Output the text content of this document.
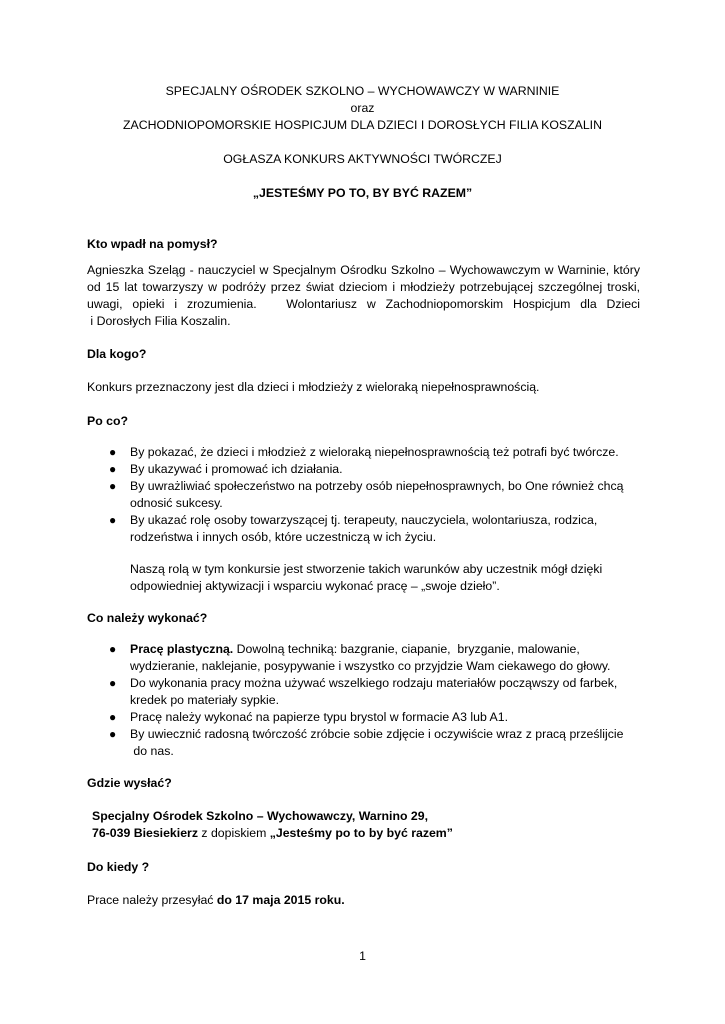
SPECJALNY OŚRODEK SZKOLNO – WYCHOWAWCZY W WARNINIE
oraz
ZACHODNIOPOMORSKIE HOSPICJUM DLA DZIECI I DOROSŁYCH FILIA KOSZALIN
OGŁASZA KONKURS AKTYWNOŚCI TWÓRCZEJ
„JESTEŚMY PO TO, BY BYĆ RAZEM”
Kto wpadł na pomysł?
Agnieszka Szeląg - nauczyciel w Specjalnym Ośrodku Szkolno – Wychowawczym w Warninie, który
od 15 lat towarzyszy w podróży przez świat dzieciom i młodzieży potrzebującej szczególnej troski,
uwagi, opieki i zrozumienia.   Wolontariusz w Zachodniopomorskim Hospicjum dla Dzieci
i Dorosłych Filia Koszalin.
Dla kogo?
Konkurs przeznaczony jest dla dzieci i młodzieży z wieloraką niepełnosprawnością.
Po co?
● By pokazać, że dzieci i młodzież z wieloraką niepełnosprawnością też potrafi być twórcze.
● By ukazywać i promować ich działania.
● By uwrażliwiać społeczeństwo na potrzeby osób niepełnosprawnych, bo One również chcą
odnosić sukcesy.
● By ukazać rolę osoby towarzyszącej tj. terapeuty, nauczyciela, wolontariusza, rodzica,
rodzeństwa i innych osób, które uczestniczą w ich życiu.
Naszą rolą w tym konkursie jest stworzenie takich warunków aby uczestnik mógł dzięki
odpowiedniej aktywizacji i wsparciu wykonać pracę – „swoje dzieło”.
Co należy wykonać?
● Pracę plastyczną. Dowolną techniką: bazgranie, ciapanie,  bryzganie, malowanie,
wydzieranie, naklejanie, posypywanie i wszystko co przyjdzie Wam ciekawego do głowy.
● Do wykonania pracy można używać wszelkiego rodzaju materiałów począwszy od farbek,
kredek po materiały sypkie.
● Pracę należy wykonać na papierze typu brystol w formacie A3 lub A1.
● By uwiecznić radosną twórczość zróbcie sobie zdjęcie i oczywiście wraz z pracą prześlijcie
do nas.
Gdzie wysłać?
Specjalny Ośrodek Szkolno – Wychowawczy, Warnino 29,
76-039 Biesiekierz z dopiskiem „Jesteśmy po to by być razem”
Do kiedy ?
Prace należy przesyłać do 17 maja 2015 roku.
1
